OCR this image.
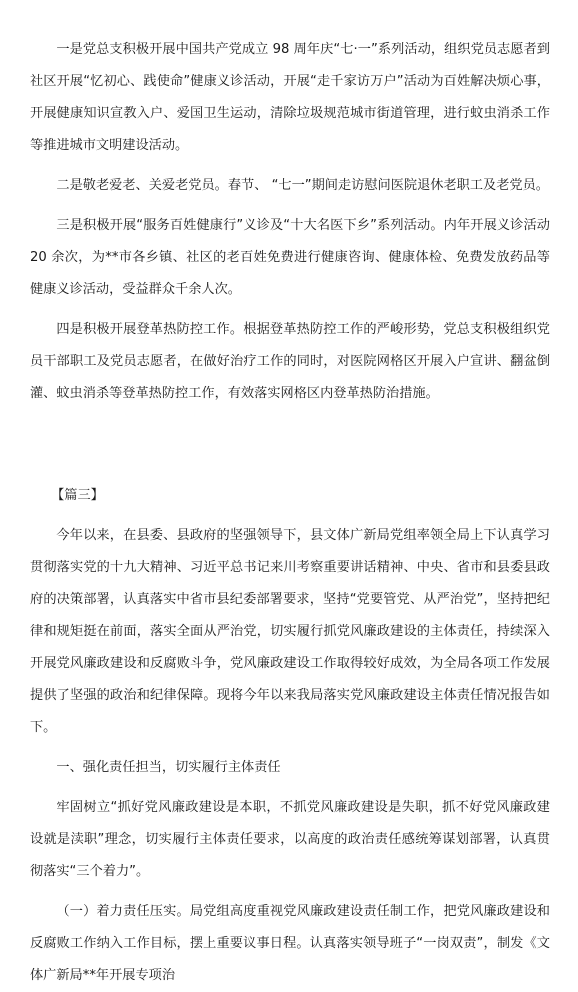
一是党总支积极开展中国共产党成立 98 周年庆“七·一”系列活动，组织党员志愿者到社区开展“忆初心、践使命”健康义诊活动，开展“走千家访万户”活动为百姓解决烦心事，开展健康知识宣教入户、爱国卫生运动，清除垃圾规范城市街道管理，进行蚊虫消杀工作等推进城市文明建设活动。

二是敬老爱老、关爱老党员。春节、 “七一”期间走访慰问医院退休老职工及老党员。

三是积极开展“服务百姓健康行”义诊及“十大名医下乡”系列活动。内年开展义诊活动 20 余次，为**市各乡镇、社区的老百姓免费进行健康咨询、健康体检、免费发放药品等健康义诊活动，受益群众千余人次。

四是积极开展登革热防控工作。根据登革热防控工作的严峻形势，党总支积极组织党员干部职工及党员志愿者，在做好治疗工作的同时，对医院网格区开展入户宣讲、翻盆倒灌、蚊虫消杀等登革热防控工作，有效落实网格区内登革热防治措施。

【篇三】

今年以来，在县委、县政府的坚强领导下，县文体广新局党组率领全局上下认真学习贯彻落实党的十九大精神、习近平总书记来川考察重要讲话精神、中央、省市和县委县政府的决策部署，认真落实中省市县纪委部署要求，坚持“党要管党、从严治党”，坚持把纪律和规矩挺在前面，落实全面从严治党，切实履行抓党风廉政建设的主体责任，持续深入开展党风廉政建设和反腐败斗争，党风廉政建设工作取得较好成效，为全局各项工作发展提供了坚强的政治和纪律保障。现将今年以来我局落实党风廉政建设主体责任情况报告如下。

一、强化责任担当，切实履行主体责任

牢固树立“抓好党风廉政建设是本职，不抓党风廉政建设是失职，抓不好党风廉政建设就是渎职”理念，切实履行主体责任要求，以高度的政治责任感统筹谋划部署，认真贯彻落实“三个着力”。

（一）着力责任压实。局党组高度重视党风廉政建设责任制工作，把党风廉政建设和反腐败工作纳入工作目标，摆上重要议事日程。认真落实领导班子“一岗双责”，制发《文体广新局**年开展专项治
